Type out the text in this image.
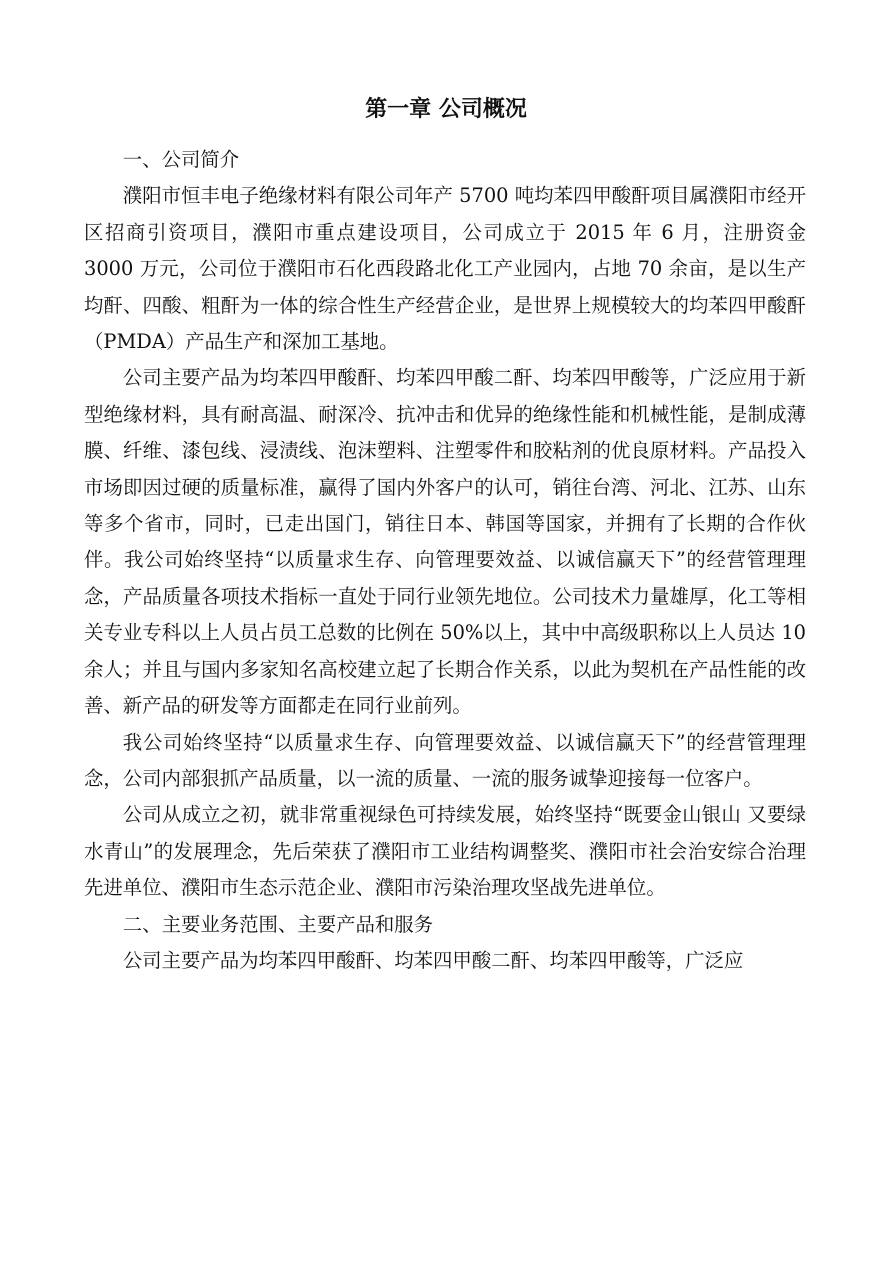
第一章 公司概况

一、公司简介

濮阳市恒丰电子绝缘材料有限公司年产 5700 吨均苯四甲酸酐项目属濮阳市经开区招商引资项目，濮阳市重点建设项目，公司成立于 2015 年 6 月，注册资金 3000 万元，公司位于濮阳市石化西段路北化工产业园内，占地 70 余亩，是以生产均酐、四酸、粗酐为一体的综合性生产经营企业，是世界上规模较大的均苯四甲酸酐（PMDA）产品生产和深加工基地。

公司主要产品为均苯四甲酸酐、均苯四甲酸二酐、均苯四甲酸等，广泛应用于新型绝缘材料，具有耐高温、耐深冷、抗冲击和优异的绝缘性能和机械性能，是制成薄膜、纤维、漆包线、浸渍线、泡沫塑料、注塑零件和胶粘剂的优良原材料。产品投入市场即因过硬的质量标准，赢得了国内外客户的认可，销往台湾、河北、江苏、山东等多个省市，同时，已走出国门，销往日本、韩国等国家，并拥有了长期的合作伙伴。我公司始终坚持“以质量求生存、向管理要效益、以诚信赢天下”的经营管理理念，产品质量各项技术指标一直处于同行业领先地位。公司技术力量雄厚，化工等相关专业专科以上人员占员工总数的比例在 50%以上，其中中高级职称以上人员达 10 余人；并且与国内多家知名高校建立起了长期合作关系，以此为契机在产品性能的改善、新产品的研发等方面都走在同行业前列。

我公司始终坚持“以质量求生存、向管理要效益、以诚信赢天下”的经营管理理念，公司内部狠抓产品质量，以一流的质量、一流的服务诚挚迎接每一位客户。

公司从成立之初，就非常重视绿色可持续发展，始终坚持“既要金山银山 又要绿水青山”的发展理念，先后荣获了濮阳市工业结构调整奖、濮阳市社会治安综合治理先进单位、濮阳市生态示范企业、濮阳市污染治理攻坚战先进单位。

二、主要业务范围、主要产品和服务

公司主要产品为均苯四甲酸酐、均苯四甲酸二酐、均苯四甲酸等，广泛应
